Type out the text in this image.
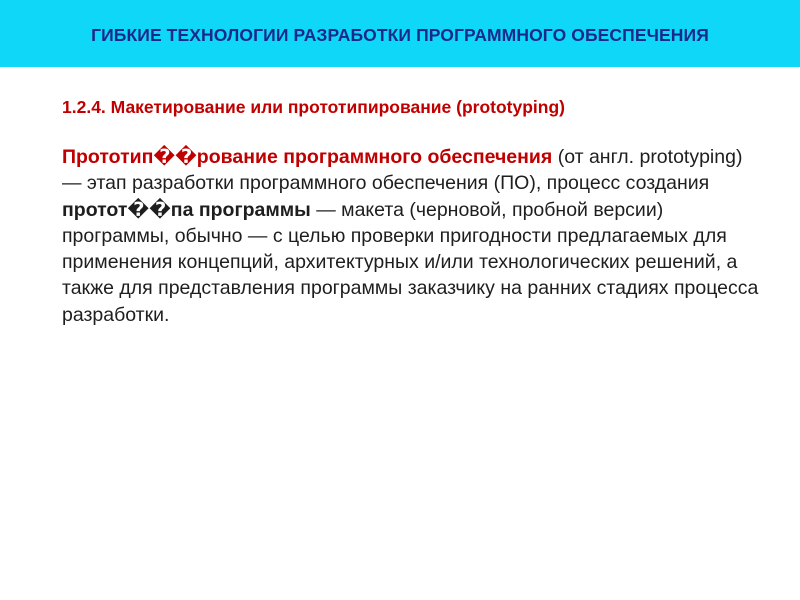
ГИБКИЕ ТЕХНОЛОГИИ РАЗРАБОТКИ ПРОГРАММНОГО ОБЕСПЕЧЕНИЯ

1.2.4. Макетирование или прототипирование (prototyping)

Прототип��рование программного обеспечения (от англ. prototyping) — этап разработки программного обеспечения (ПО), процесс создания протот��па программы — макета (черновой, пробной версии) программы, обычно — с целью проверки пригодности предлагаемых для применения концепций, архитектурных и/или технологических решений, а также для представления программы заказчику на ранних стадиях процесса разработки.
